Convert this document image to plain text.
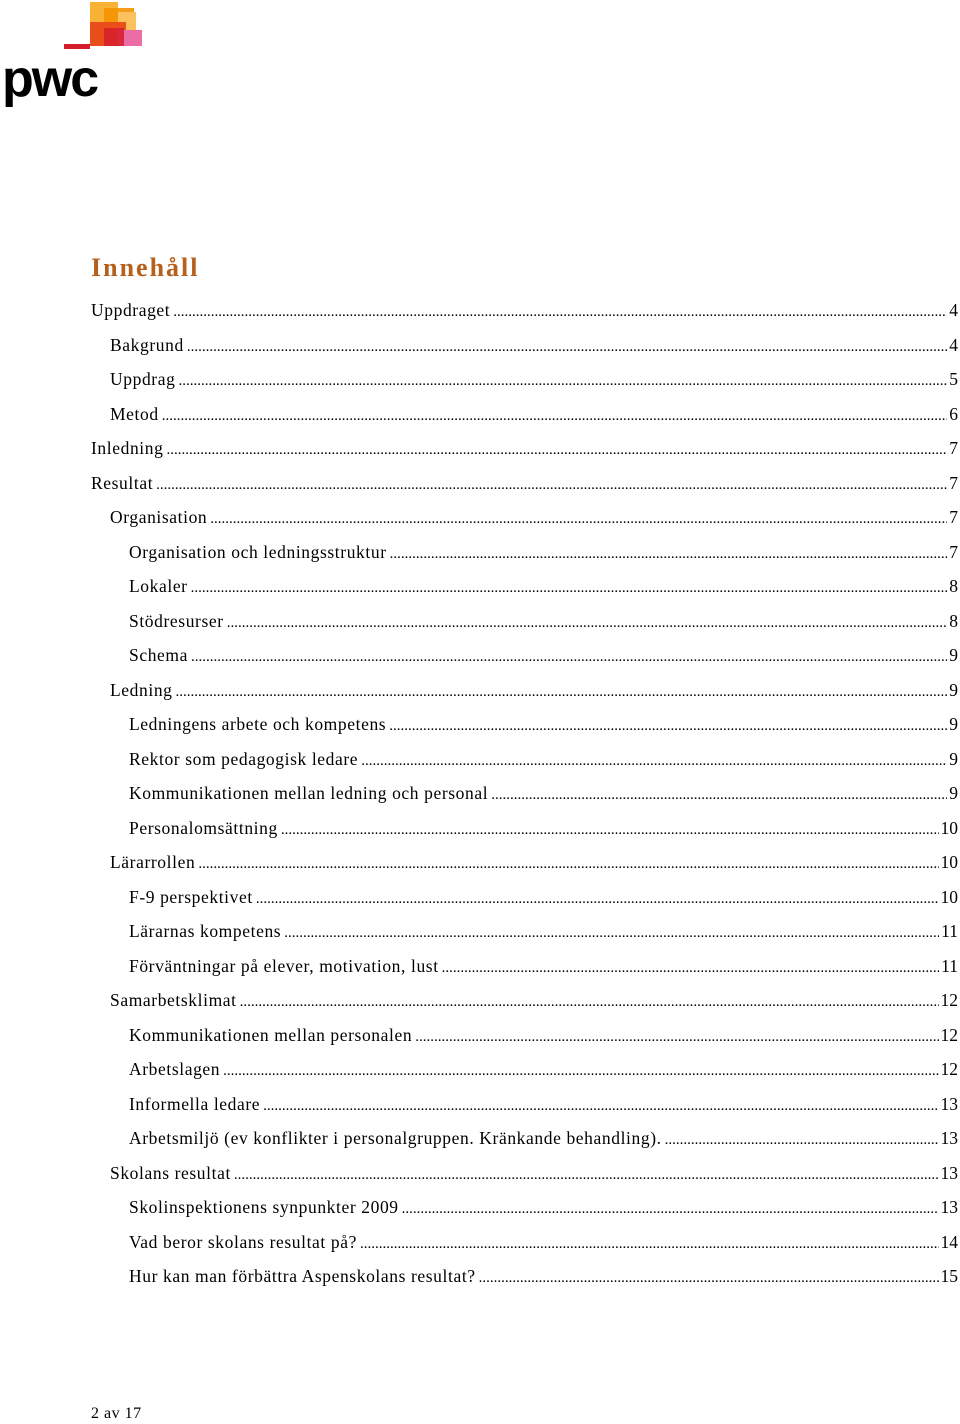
pwc
Innehåll
Uppdraget .....	4
Bakgrund .....	4
Uppdrag .....	5
Metod .....	6
Inledning .....	7
Resultat .....	7
Organisation .....	7
Organisation och ledningsstruktur .....	7
Lokaler .....	8
Stödresurser .....	8
Schema .....	9
Ledning .....	9
Ledningens arbete och kompetens .....	9
Rektor som pedagogisk ledare .....	9
Kommunikationen mellan ledning och personal .....	9
Personalomsättning .....	10
Lärarrollen .....	10
F-9 perspektivet .....	10
Lärarnas kompetens .....	11
Förväntningar på elever, motivation, lust .....	11
Samarbetsklimat .....	12
Kommunikationen mellan personalen .....	12
Arbetslagen .....	12
Informella ledare .....	13
Arbetsmiljö (ev konflikter i personalgruppen. Kränkande behandling). .....	13
Skolans resultat .....	13
Skolinspektionens synpunkter 2009 .....	13
Vad beror skolans resultat på? .....	14
Hur kan man förbättra Aspenskolans resultat? .....	15
2 av 17
